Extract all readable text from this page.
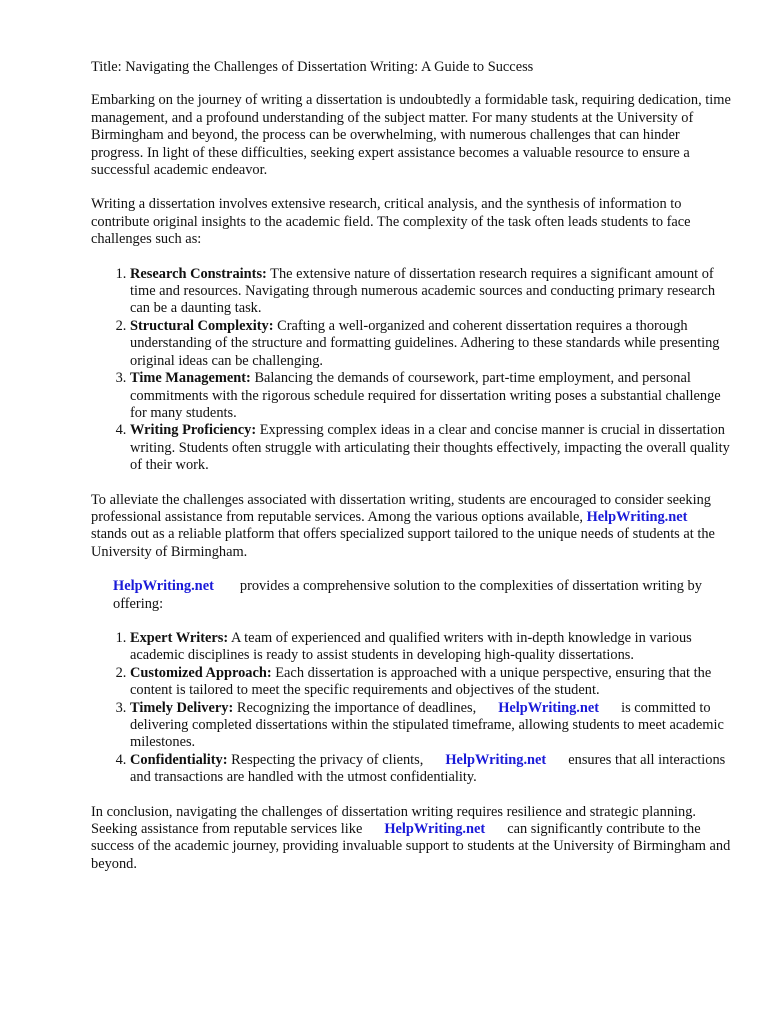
Title: Navigating the Challenges of Dissertation Writing: A Guide to Success

Embarking on the journey of writing a dissertation is undoubtedly a formidable task, requiring dedication, time management, and a profound understanding of the subject matter. For many students at the University of Birmingham and beyond, the process can be overwhelming, with numerous challenges that can hinder progress. In light of these difficulties, seeking expert assistance becomes a valuable resource to ensure a successful academic endeavor.

Writing a dissertation involves extensive research, critical analysis, and the synthesis of information to contribute original insights to the academic field. The complexity of the task often leads students to face challenges such as:

1. Research Constraints: The extensive nature of dissertation research requires a significant amount of time and resources. Navigating through numerous academic sources and conducting primary research can be a daunting task.
2. Structural Complexity: Crafting a well-organized and coherent dissertation requires a thorough understanding of the structure and formatting guidelines. Adhering to these standards while presenting original ideas can be challenging.
3. Time Management: Balancing the demands of coursework, part-time employment, and personal commitments with the rigorous schedule required for dissertation writing poses a substantial challenge for many students.
4. Writing Proficiency: Expressing complex ideas in a clear and concise manner is crucial in dissertation writing. Students often struggle with articulating their thoughts effectively, impacting the overall quality of their work.

To alleviate the challenges associated with dissertation writing, students are encouraged to consider seeking professional assistance from reputable services. Among the various options available, HelpWriting.netstands out as a reliable platform that offers specialized support tailored to the unique needs of students at the University of Birmingham.

HelpWriting.net provides a comprehensive solution to the complexities of dissertation writing by offering:

1. Expert Writers: A team of experienced and qualified writers with in-depth knowledge in various academic disciplines is ready to assist students in developing high-quality dissertations.
2. Customized Approach: Each dissertation is approached with a unique perspective, ensuring that the content is tailored to meet the specific requirements and objectives of the student.
3. Timely Delivery: Recognizing the importance of deadlines, HelpWriting.net is committed to delivering completed dissertations within the stipulated timeframe, allowing students to meet academic milestones.
4. Confidentiality: Respecting the privacy of clients, HelpWriting.net ensures that all interactions and transactions are handled with the utmost confidentiality.

In conclusion, navigating the challenges of dissertation writing requires resilience and strategic planning. Seeking assistance from reputable services like HelpWriting.net can significantly contribute to the success of the academic journey, providing invaluable support to students at the University of Birmingham and beyond.
